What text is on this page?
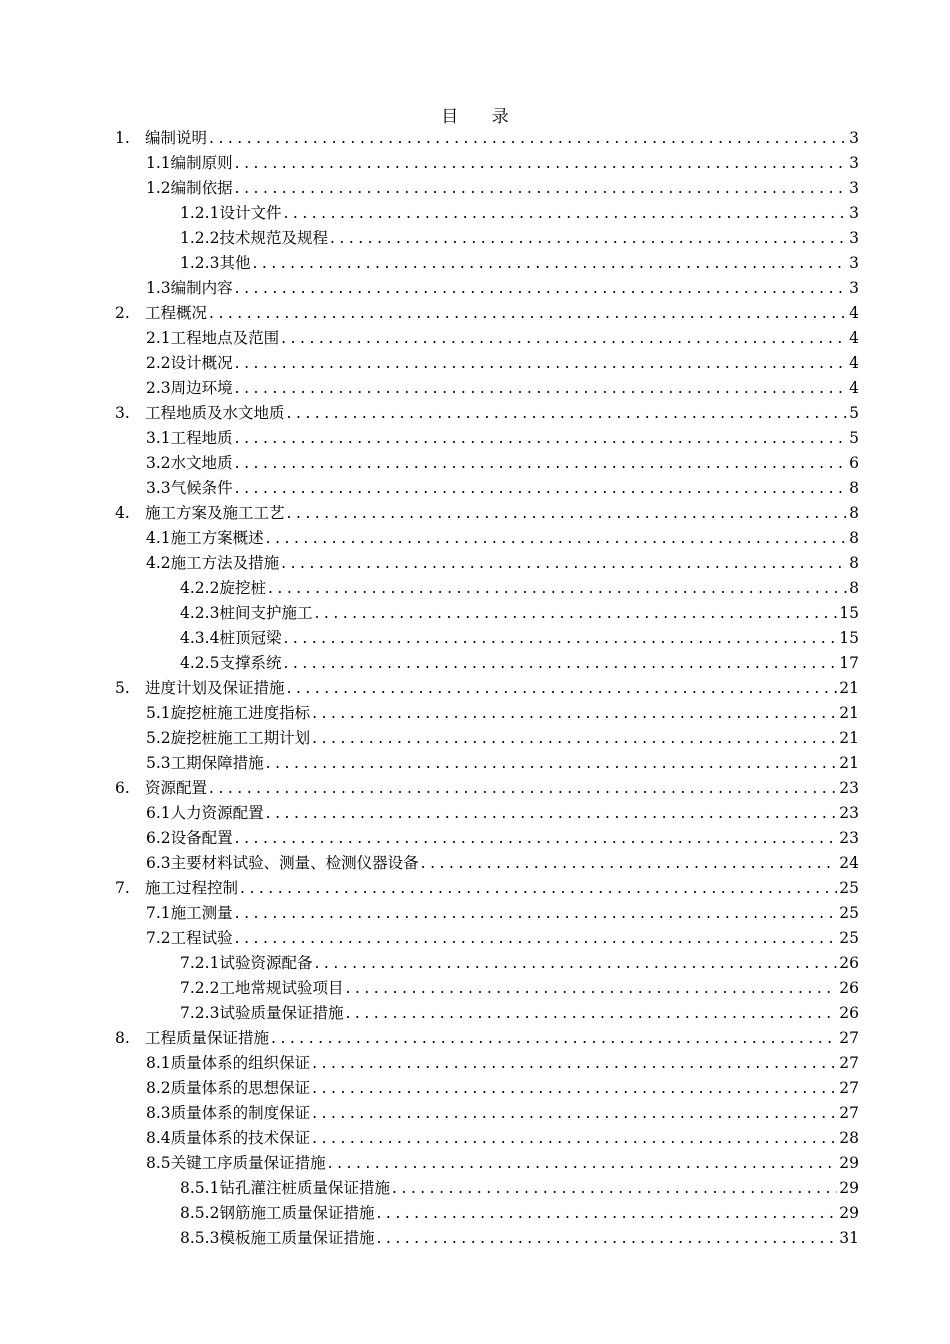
目 录
1. 编制说明 .....	3
1.1 编制原则 .....	3
1.2 编制依据 .....	3
1.2.1 设计文件 .....	3
1.2.2 技术规范及规程 .....	3
1.2.3 其他 .....	3
1.3 编制内容 .....	3
2. 工程概况 .....	4
2.1 工程地点及范围 .....	4
2.2 设计概况 .....	4
2.3 周边环境 .....	4
3. 工程地质及水文地质 .....	5
3.1 工程地质 .....	5
3.2 水文地质 .....	6
3.3 气候条件 .....	8
4. 施工方案及施工工艺 .....	8
4.1 施工方案概述 .....	8
4.2 施工方法及措施 .....	8
4.2.2 旋挖桩 .....	8
4.2.3 桩间支护施工 .....	15
4.3.4 桩顶冠梁 .....	15
4.2.5 支撑系统 .....	17
5. 进度计划及保证措施 .....	21
5.1 旋挖桩施工进度指标 .....	21
5.2 旋挖桩施工工期计划 .....	21
5.3 工期保障措施 .....	21
6. 资源配置 .....	23
6.1 人力资源配置 .....	23
6.2 设备配置 .....	23
6.3 主要材料试验、测量、检测仪器设备 .....	24
7. 施工过程控制 .....	25
7.1 施工测量 .....	25
7.2 工程试验 .....	25
7.2.1 试验资源配备 .....	26
7.2.2 工地常规试验项目 .....	26
7.2.3 试验质量保证措施 .....	26
8. 工程质量保证措施 .....	27
8.1 质量体系的组织保证 .....	27
8.2 质量体系的思想保证 .....	27
8.3 质量体系的制度保证 .....	27
8.4 质量体系的技术保证 .....	28
8.5 关键工序质量保证措施 .....	29
8.5.1 钻孔灌注桩质量保证措施 .....	29
8.5.2 钢筋施工质量保证措施 .....	29
8.5.3 模板施工质量保证措施 .....	31
